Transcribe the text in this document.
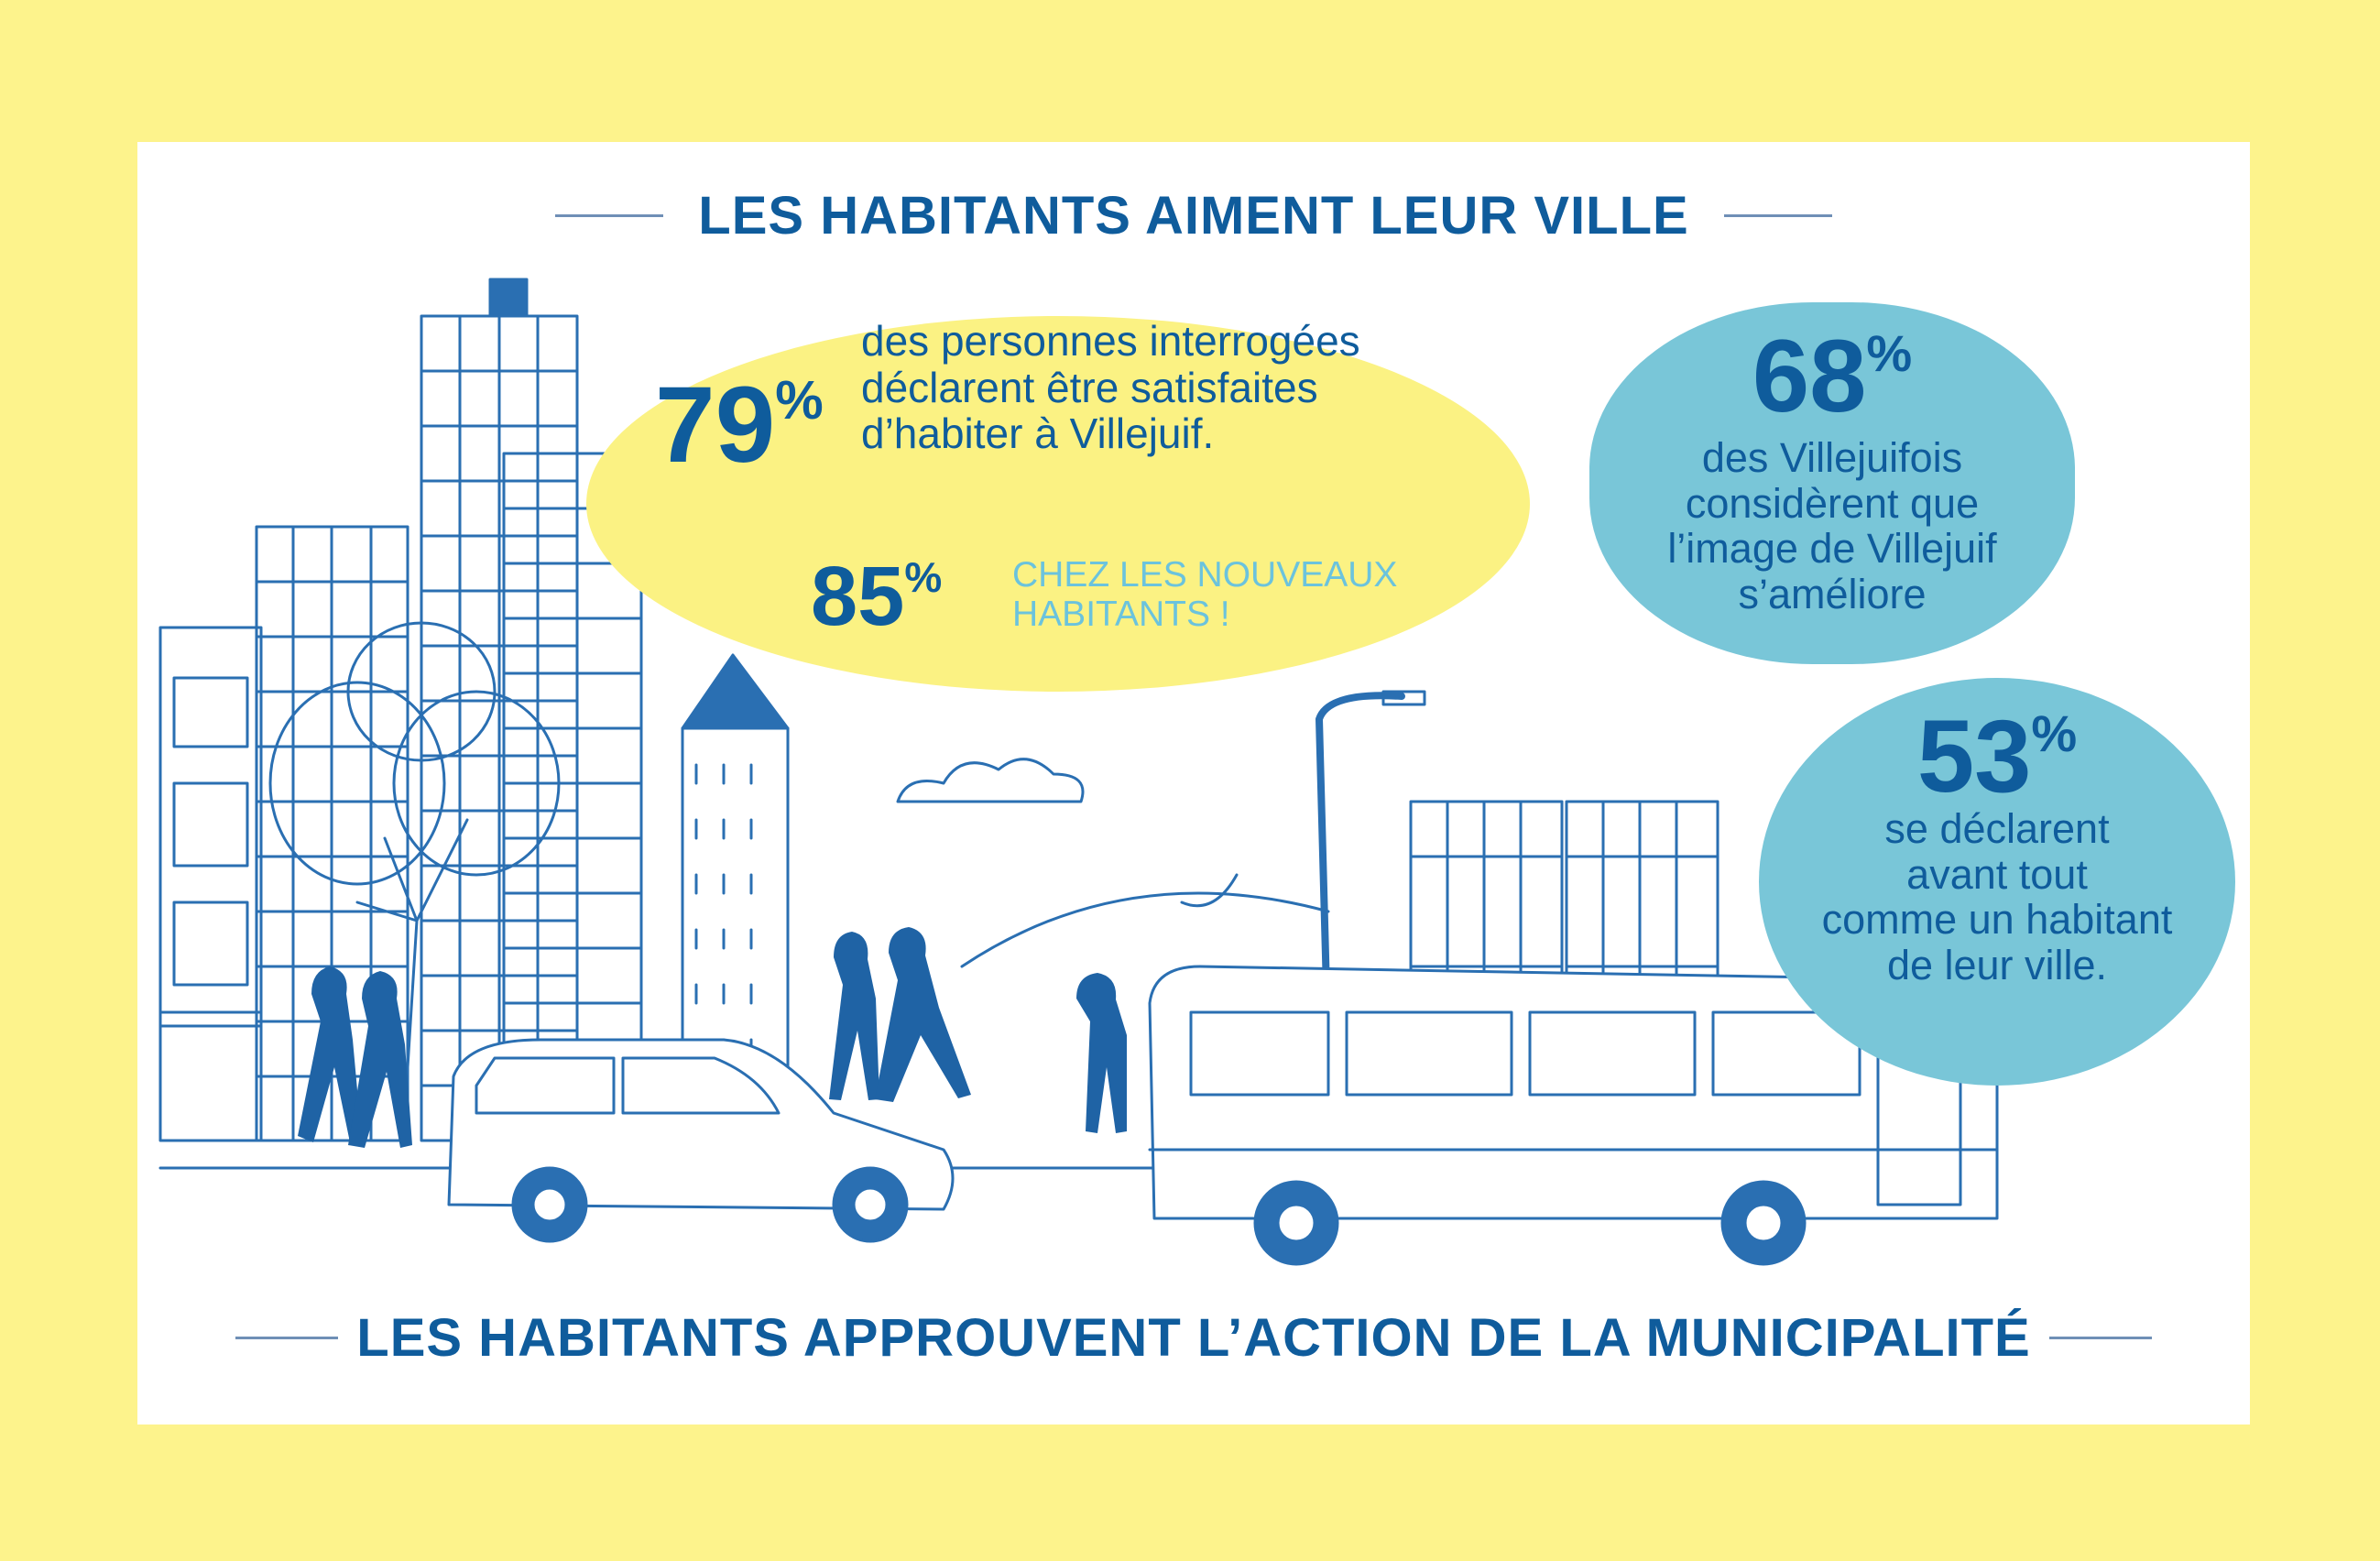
LES HABITANTS AIMENT LEUR VILLE
79%
des personnes interrogées
déclarent être satisfaites
d’habiter à Villejuif.
85% CHEZ LES NOUVEAUX
HABITANTS !
68%
des Villejuifois
considèrent que
l’image de Villejuif
s’améliore
53%
se déclarent
avant tout
comme un habitant
de leur ville.
LES HABITANTS APPROUVENT L’ACTION DE LA MUNICIPALITÉ
